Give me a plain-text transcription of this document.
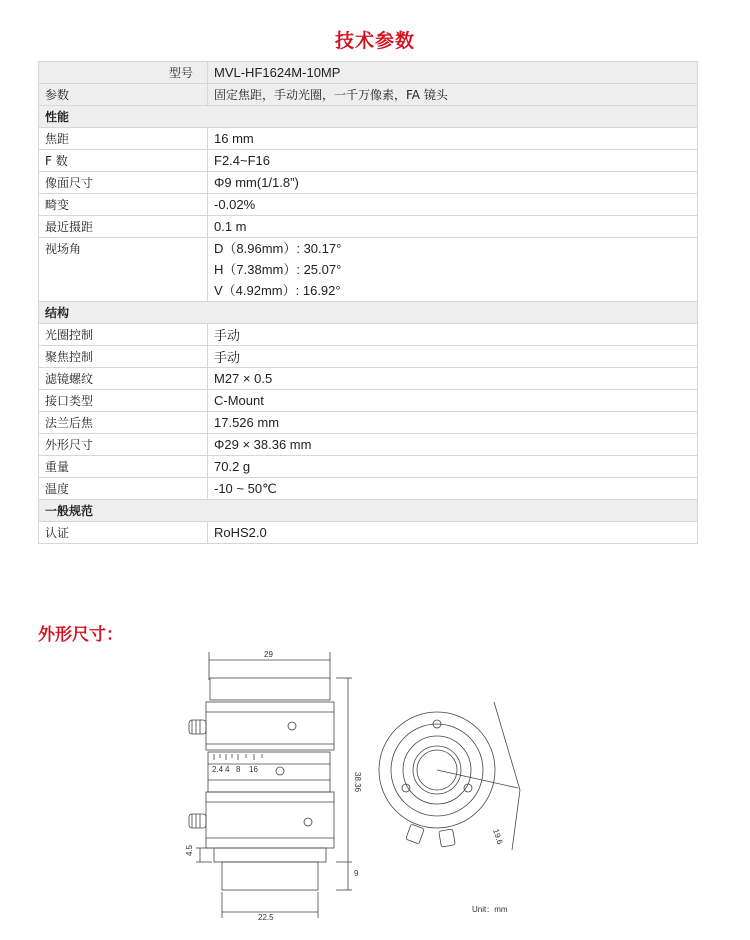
技术参数
型号	MVL-HF1624M-10MP
参数	固定焦距，手动光圈，一千万像素，FA 镜头
性能	
焦距	16 mm
F 数	F2.4~F16
像面尺寸	Φ9 mm(1/1.8”)
畸变	-0.02%
最近摄距	0.1 m
视场角	D（8.96mm）: 30.17°
H（7.38mm）: 25.07°
V（4.92mm）: 16.92°

结构	
光圈控制	手动
聚焦控制	手动
滤镜螺纹	M27 × 0.5
接口类型	C-Mount
法兰后焦	17.526 mm
外形尺寸	Φ29 × 38.36 mm
重量	70.2 g
温度	-10 ~ 50℃
一般规范	
认证	RoHS2.0
外形尺寸：
29
38.36
4.5
9
22.5
19.6
Unit：mm
2.4 4 8 16
